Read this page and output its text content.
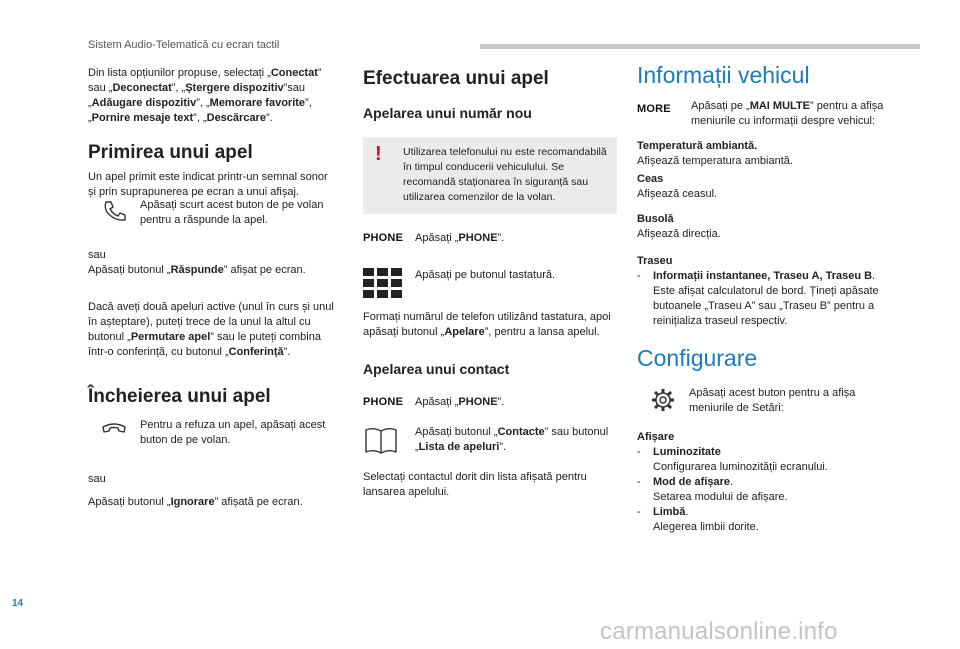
Sistem Audio-Telematică cu ecran tactil

Din lista opțiunilor propuse, selectați „Conectat” sau „Deconectat”, „Ștergere dispozitiv”sau „Adăugare dispozitiv”, „Memorare favorite”, „Pornire mesaje text”, „Descărcare”.

Primirea unui apel

Un apel primit este indicat printr-un semnal sonor și prin suprapunerea pe ecran a unui afișaj.

Apăsați scurt acest buton de pe volan pentru a răspunde la apel.

sau

Apăsați butonul „Răspunde” afișat pe ecran.

Dacă aveți două apeluri active (unul în curs și unul în așteptare), puteți trece de la unul la altul cu butonul „Permutare apel” sau le puteți combina într-o conferință, cu butonul „Conferință”.

Încheierea unui apel

Pentru a refuza un apel, apăsați acest buton de pe volan.

sau

Apăsați butonul „Ignorare” afișată pe ecran.

Efectuarea unui apel
Apelarea unui număr nou
!	Utilizarea telefonului nu este recomandabilă în timpul conducerii vehiculului. Se recomandă staționarea în siguranță sau utilizarea comenzilor de la volan.

PHONE Apăsați „PHONE”.

Apăsați pe butonul tastatură.

Formați numărul de telefon utilizând tastatura, apoi apăsați butonul „Apelare”, pentru a lansa apelul.

Apelarea unui contact
PHONE Apăsați „PHONE”.

Apăsați butonul „Contacte” sau butonul „Lista de apeluri”.

Selectați contactul dorit din lista afișată pentru lansarea apelului.

Informații vehicul
MORE Apăsați pe „MAI MULTE” pentru a afișa meniurile cu informații despre vehicul:

Temperatură ambiantă.

Afișează temperatura ambiantă.

Ceas

Afișează ceasul.

Busolă

Afișează direcția.

Traseu

-	Informații instantanee, Traseu A, Traseu B.

Este afișat calculatorul de bord. Țineți apăsate butoanele „Traseu A” sau „Traseu B” pentru a reinițializa traseul respectiv.

Configurare

Apăsați acest buton pentru a afișa meniurile de Setări:

Afișare

-	Luminozitate

Configurarea luminozității ecranului.

-	Mod de afișare.

Setarea modului de afișare.

-	Limbă.

Alegerea limbii dorite.

14
carmanualsonline.info
